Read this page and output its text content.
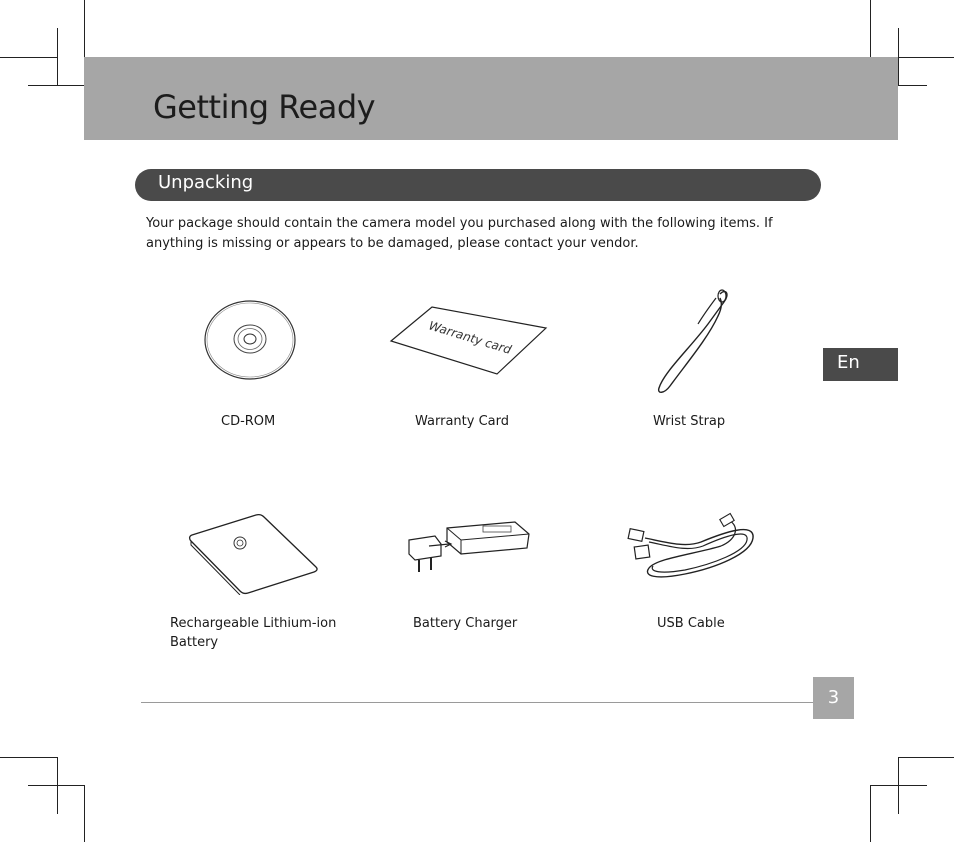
Getting Ready
Unpacking
Your package should contain the camera model you purchased along with the following items. If anything is missing or appears to be damaged, please contact your vendor.
En
CD-ROM
Warranty card
Warranty Card	Wrist Strap
Rechargeable Lithium-ion Battery
Battery Charger	USB Cable
3
